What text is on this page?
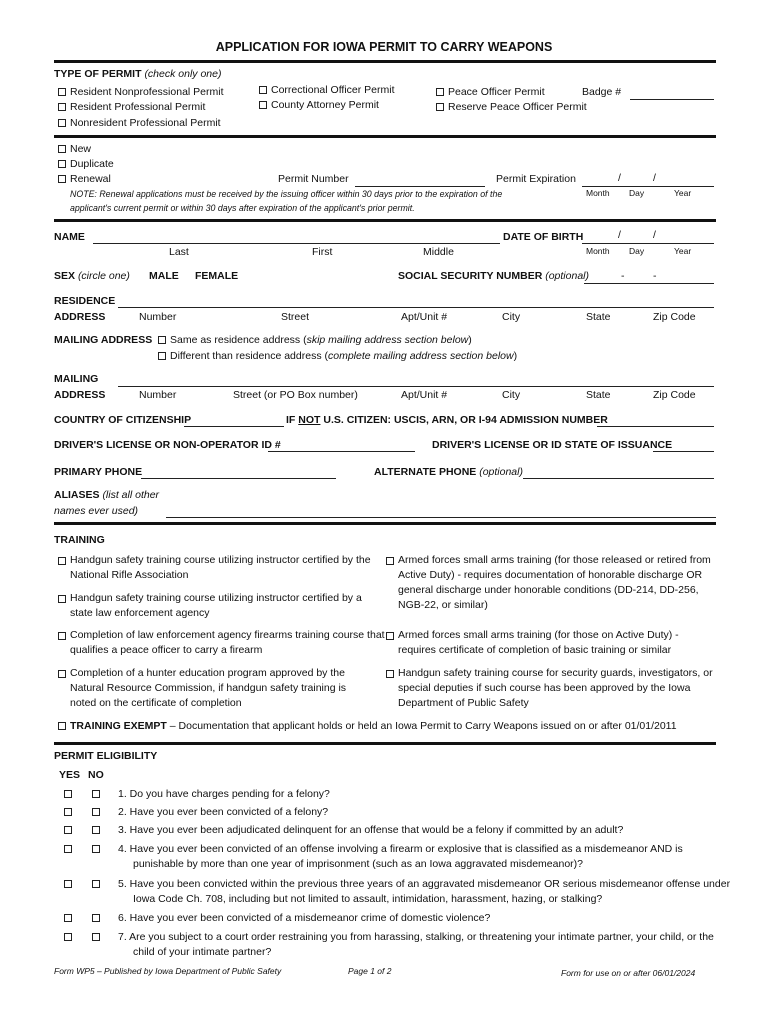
APPLICATION FOR IOWA PERMIT TO CARRY WEAPONS
TYPE OF PERMIT (check only one)
Resident Nonprofessional Permit
Resident Professional Permit
Nonresident Professional Permit
Correctional Officer Permit
County Attorney Permit
Peace Officer Permit
Reserve Peace Officer Permit
Badge #
New
Duplicate
Renewal	Permit Number	Permit Expiration	/	/
Month Day	Year
NOTE: Renewal applications must be received by the issuing officer within 30 days prior to the expiration of the
applicant's current permit or within 30 days after expiration of the applicant's prior permit.
NAME
Last	First	Middle
DATE OF BIRTH	/	/
Month Day	Year
SEX (circle one) MALE FEMALE	SOCIAL SECURITY NUMBER (optional)	-	-
RESIDENCE
ADDRESS	Number	Street	Apt/Unit #	City	State	Zip Code
MAILING ADDRESS	Same as residence address (skip mailing address section below)
Different than residence address (complete mailing address section below)
MAILING
ADDRESS	Number	Street (or PO Box number)	Apt/Unit #	City	State	Zip Code
COUNTRY OF CITIZENSHIP	IF NOT U.S. CITIZEN: USCIS, ARN, OR I-94 ADMISSION NUMBER
DRIVER'S LICENSE OR NON-OPERATOR ID #	DRIVER'S LICENSE OR ID STATE OF ISSUANCE
PRIMARY PHONE	ALTERNATE PHONE (optional)
ALIASES (list all other
names ever used)
TRAINING
Handgun safety training course utilizing instructor certified by the National Rifle Association
Handgun safety training course utilizing instructor certified by a state law enforcement agency
Completion of law enforcement agency firearms training course that qualifies a peace officer to carry a firearm
Completion of a hunter education program approved by the Natural Resource Commission, if handgun safety training is noted on the certificate of completion
Armed forces small arms training (for those released or retired from Active Duty) - requires documentation of honorable discharge OR general discharge under honorable conditions (DD-214, DD-256, NGB-22, or similar)
Armed forces small arms training (for those on Active Duty) - requires certificate of completion of basic training or similar
Handgun safety training course for security guards, investigators, or special deputies if such course has been approved by the Iowa Department of Public Safety
TRAINING EXEMPT – Documentation that applicant holds or held an Iowa Permit to Carry Weapons issued on or after 01/01/2011
PERMIT ELIGIBILITY
YES NO
1. Do you have charges pending for a felony?
2. Have you ever been convicted of a felony?
3. Have you ever been adjudicated delinquent for an offense that would be a felony if committed by an adult?
4. Have you ever been convicted of an offense involving a firearm or explosive that is classified as a misdemeanor AND is punishable by more than one year of imprisonment (such as an Iowa aggravated misdemeanor)?
5. Have you been convicted within the previous three years of an aggravated misdemeanor OR serious misdemeanor offense under Iowa Code Ch. 708, including but not limited to assault, intimidation, harassment, hazing, or stalking?
6. Have you ever been convicted of a misdemeanor crime of domestic violence?
7. Are you subject to a court order restraining you from harassing, stalking, or threatening your intimate partner, your child, or the child of your intimate partner?
Form WP5 – Published by Iowa Department of Public Safety	Page 1 of 2	Form for use on or after 06/01/2024
